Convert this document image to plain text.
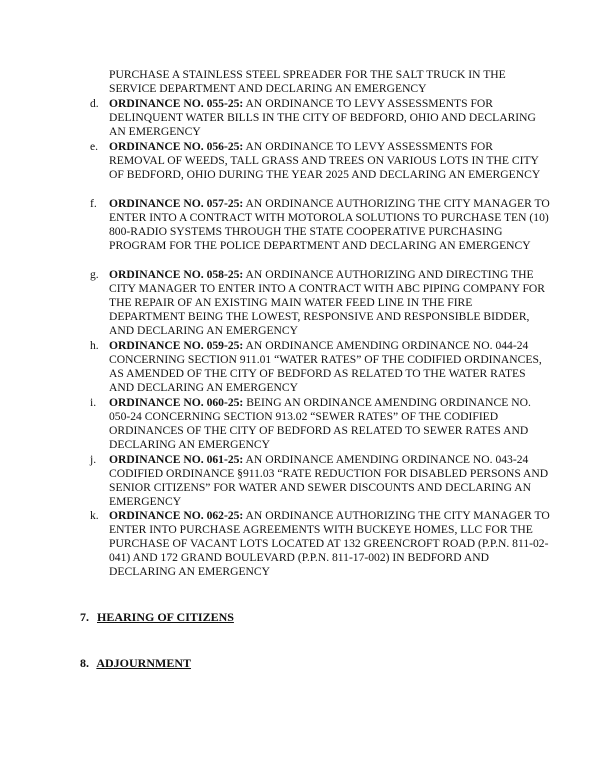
PURCHASE A STAINLESS STEEL SPREADER FOR THE SALT TRUCK IN THE SERVICE DEPARTMENT AND DECLARING AN EMERGENCY
d. ORDINANCE NO. 055-25: AN ORDINANCE TO LEVY ASSESSMENTS FOR DELINQUENT WATER BILLS IN THE CITY OF BEDFORD, OHIO AND DECLARING AN EMERGENCY
e. ORDINANCE NO. 056-25: AN ORDINANCE TO LEVY ASSESSMENTS FOR REMOVAL OF WEEDS, TALL GRASS AND TREES ON VARIOUS LOTS IN THE CITY OF BEDFORD, OHIO DURING THE YEAR 2025 AND DECLARING AN EMERGENCY
f.	ORDINANCE NO. 057-25: AN ORDINANCE AUTHORIZING THE CITY MANAGER TO ENTER INTO A CONTRACT WITH MOTOROLA SOLUTIONS TO PURCHASE TEN (10) 800-RADIO SYSTEMS THROUGH THE STATE COOPERATIVE PURCHASING PROGRAM FOR THE POLICE DEPARTMENT AND DECLARING AN EMERGENCY
g. ORDINANCE NO. 058-25: AN ORDINANCE AUTHORIZING AND DIRECTING THE CITY MANAGER TO ENTER INTO A CONTRACT WITH ABC PIPING COMPANY FOR THE REPAIR OF AN EXISTING MAIN WATER FEED LINE IN THE FIRE DEPARTMENT BEING THE LOWEST, RESPONSIVE AND RESPONSIBLE BIDDER, AND DECLARING AN EMERGENCY
h. ORDINANCE NO. 059-25: AN ORDINANCE AMENDING ORDINANCE NO. 044-24 CONCERNING SECTION 911.01 “WATER RATES” OF THE CODIFIED ORDINANCES, AS AMENDED OF THE CITY OF BEDFORD AS RELATED TO THE WATER RATES AND DECLARING AN EMERGENCY
i.	ORDINANCE NO. 060-25: BEING AN ORDINANCE AMENDING ORDINANCE NO. 050-24 CONCERNING SECTION 913.02 “SEWER RATES” OF THE CODIFIED ORDINANCES OF THE CITY OF BEDFORD AS RELATED TO SEWER RATES AND DECLARING AN EMERGENCY
j.	ORDINANCE NO. 061-25: AN ORDINANCE AMENDING ORDINANCE NO. 043-24 CODIFIED ORDINANCE §911.03 “RATE REDUCTION FOR DISABLED PERSONS AND SENIOR CITIZENS” FOR WATER AND SEWER DISCOUNTS AND DECLARING AN EMERGENCY
k. ORDINANCE NO. 062-25: AN ORDINANCE AUTHORIZING THE CITY MANAGER TO ENTER INTO PURCHASE AGREEMENTS WITH BUCKEYE HOMES, LLC FOR THE PURCHASE OF VACANT LOTS LOCATED AT 132 GREENCROFT ROAD (P.P.N. 811-02-041) AND 172 GRAND BOULEVARD (P.P.N. 811-17-002) IN BEDFORD AND DECLARING AN EMERGENCY
7. HEARING OF CITIZENS
8. ADJOURNMENT
